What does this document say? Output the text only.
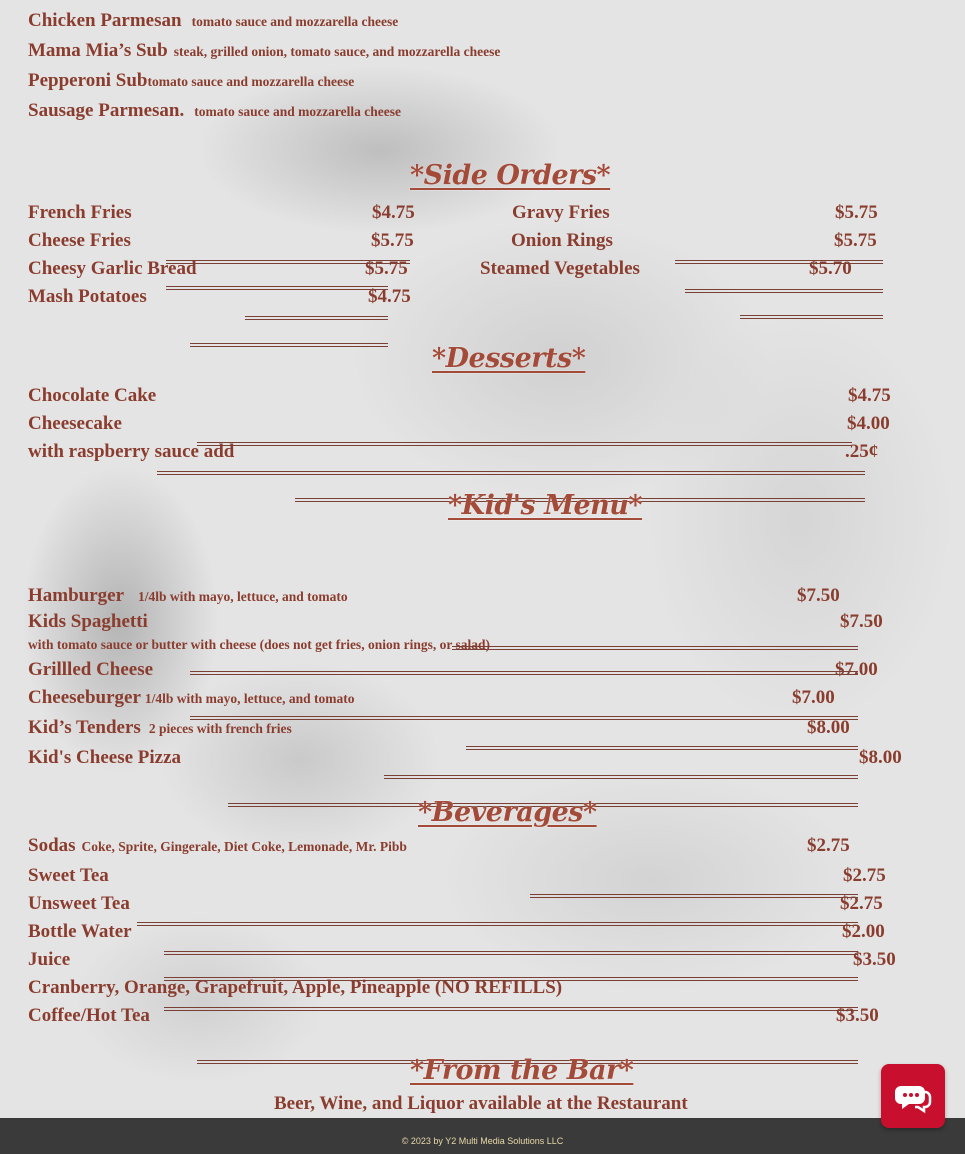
Chicken Parmesan tomato sauce and mozzarella cheese
Mama Mia’s Sub steak, grilled onion, tomato sauce, and mozzarella cheese
Pepperoni Subtomato sauce and mozzarella cheese
Sausage Parmesan. tomato sauce and mozzarella cheese
*Side Orders*
French Fries	$4.75
Cheese Fries	$5.75
Cheesy Garlic Bread	$5.75
Mash Potatoes	$4.75
Gravy Fries	$5.75
Onion Rings	$5.75
Steamed Vegetables	$5.70
*Desserts*
Chocolate Cake	$4.75
Cheesecake	$4.00
with raspberry sauce add	.25¢
*Kid's Menu*
Hamburger 1/4lb with mayo, lettuce, and tomato	$7.50
Kids Spaghetti	$7.50
with tomato sauce or butter with cheese (does not get fries, onion rings, or salad)
Grillled Cheese	$7.00
Cheeseburger 1/4lb with mayo, lettuce, and tomato	$7.00
Kid’s Tenders 2 pieces with french fries	$8.00
Kid's Cheese Pizza	$8.00
*Beverages*
Sodas Coke, Sprite, Gingerale, Diet Coke, Lemonade, Mr. Pibb	$2.75
Sweet Tea	$2.75
Unsweet Tea	$2.75
Bottle Water	$2.00
Juice	$3.50
Cranberry, Orange, Grapefruit, Apple, Pineapple (NO REFILLS)
Coffee/Hot Tea	$3.50
*From the Bar*
Beer, Wine, and Liquor available at the Restaurant
© 2023 by Y2 Multi Media Solutions LLC
